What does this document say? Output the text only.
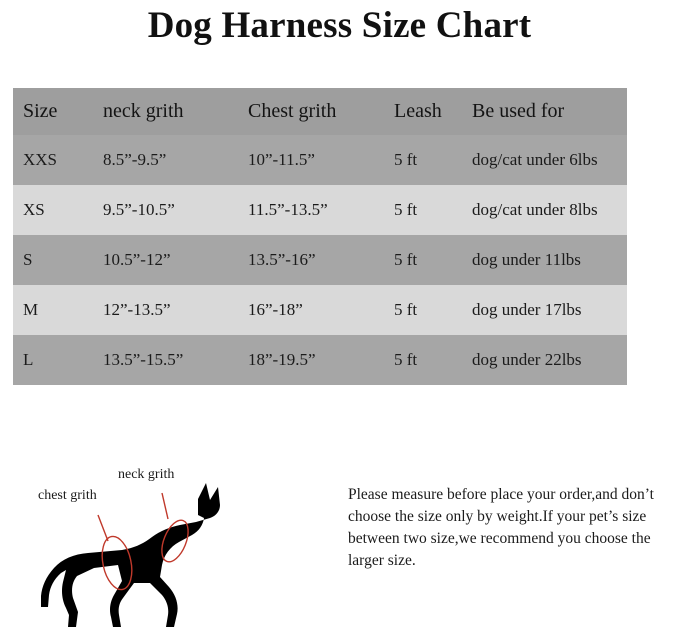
Dog Harness Size Chart
Size	neck grith	Chest grith	Leash	Be used for
XXS	8.5”-9.5”	10”-11.5”	5 ft	dog/cat under 6lbs
XS	9.5”-10.5”	11.5”-13.5”	5 ft	dog/cat under 8lbs
S	10.5”-12”	13.5”-16”	5 ft	dog under 11lbs
M	12”-13.5”	16”-18”	5 ft	dog under 17lbs
L	13.5”-15.5”	18”-19.5”	5 ft	dog under 22lbs
neck grith
chest grith	Please measure before place your order,and don’t choose the size only by weight.If your pet’s size between two size,we recommend you choose the larger size.
